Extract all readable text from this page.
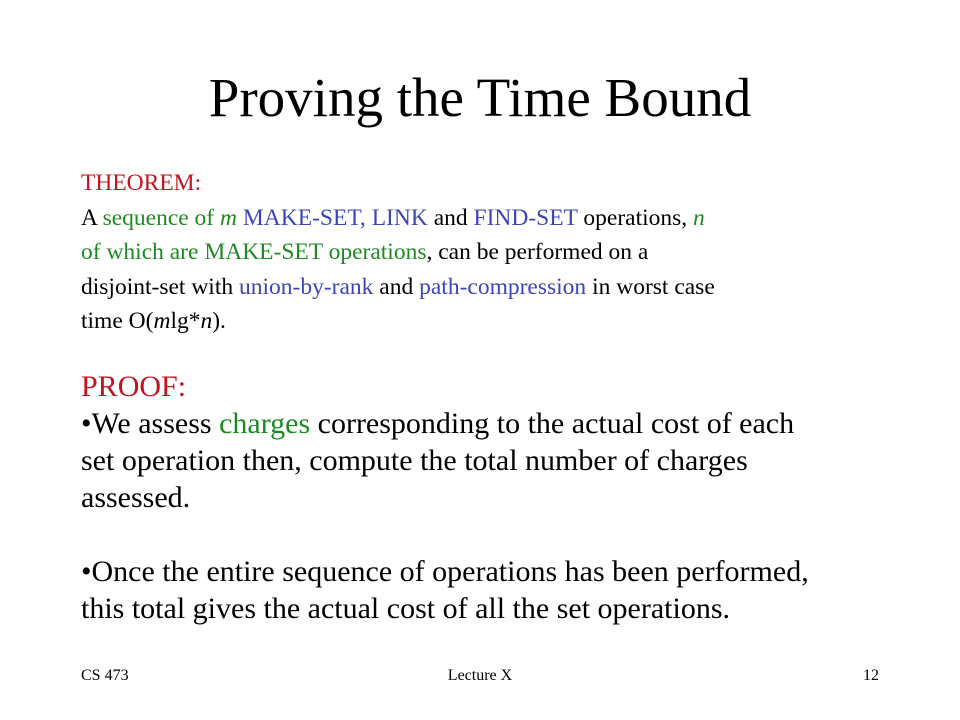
Proving the Time Bound
THEOREM:
A sequence of m MAKE-SET, LINK and FIND-SET operations, n
of which are MAKE-SET operations, can be performed on a
disjoint-set with union-by-rank and path-compression in worst case
time O(mlg*n).
PROOF:
•We assess charges corresponding to the actual cost of each
set operation then, compute the total number of charges
assessed.
•Once the entire sequence of operations has been performed,
this total gives the actual cost of all the set operations.
CS 473	Lecture X	12
